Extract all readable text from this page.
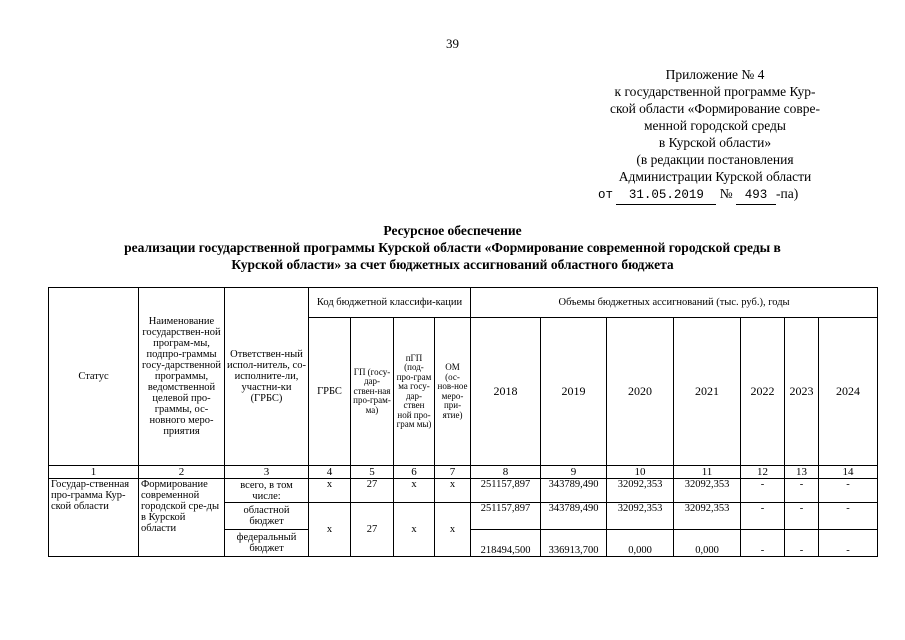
39
Приложение № 4
к государственной программе Кур-
ской области «Формирование совре-
менной городской среды
в Курской области»
(в редакции постановления
Администрации Курской области
от 31.05.2019 № 493 -па)
Ресурсное обеспечение
реализации государственной программы Курской области «Формирование современной городской среды в
Курской области» за счет бюджетных ассигнований областного бюджета
Статус	Наименование государствен-ной програм-мы, подпро-граммы госу-дарственной программы, ведомственной целевой про-граммы, ос-новного меро-приятия	Ответствен-ный испол-нитель, со-исполните-ли, участни-ки (ГРБС)	Код бюджетной классифи-кации				Объемы бюджетных ассигнований (тыс. руб.), годы						
			ГРБС	ГП (госу-дар-ствен-ная про-грам-ма)	пГП (под-про-грам ма госу-дар-ствен ной про-грам мы)	ОМ (ос-нов-ное меро-при-ятие)	2018	2019	2020	2021	2022	2023	2024
1	2	3	4	5	6	7	8	9	10	11	12	13	14
Государ-ственная про-грамма Кур-ской области	Формирование современной городской сре-ды в Курской области	всего, в том числе:	х	27	х	х	251157,897	343789,490	32092,353	32092,353	-	-	-
		областной бюджет	х	27	х	х	251157,897	343789,490	32092,353	32092,353	-	-	-
		федеральный бюджет					218494,500	336913,700	0,000	0,000	-	-	-
